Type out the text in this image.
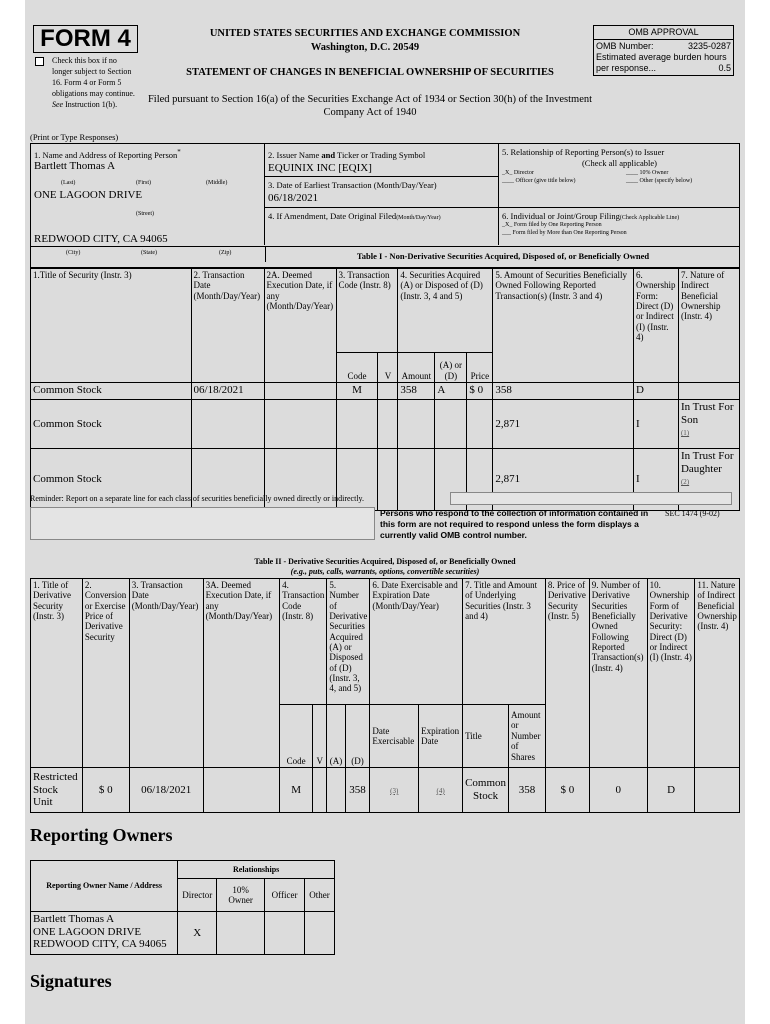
FORM 4
Check this box if no longer subject to Section 16. Form 4 or Form 5 obligations may continue. See Instruction 1(b).
UNITED STATES SECURITIES AND EXCHANGE COMMISSION
Washington, D.C. 20549
STATEMENT OF CHANGES IN BENEFICIAL OWNERSHIP OF SECURITIES
Filed pursuant to Section 16(a) of the Securities Exchange Act of 1934 or Section 30(h) of the Investment Company Act of 1940
OMB APPROVAL
OMB Number:	3235-0287
Estimated average burden hours per response...	0.5
(Print or Type Responses)
1. Name and Address of Reporting Person*
Bartlett Thomas A
(Last)	(First)	(Middle)
ONE LAGOON DRIVE
(Street)
REDWOOD CITY, CA 94065
2. Issuer Name and Ticker or Trading Symbol
EQUINIX INC [EQIX]
3. Date of Earliest Transaction (Month/Day/Year)
06/18/2021
4. If Amendment, Date Original Filed(Month/Day/Year)
5. Relationship of Reporting Person(s) to Issuer
(Check all applicable)
_X_ Director	____ 10% Owner
____ Officer (give title below)	____ Other (specify below)
6. Individual or Joint/Group Filing(Check Applicable Line)
_X_ Form filed by One Reporting Person
___ Form filed by More than One Reporting Person
(City)	(State)	(Zip)	Table I - Non-Derivative Securities Acquired, Disposed of, or Beneficially Owned
1.Title of Security (Instr. 3)	2. Transaction Date (Month/Day/Year)	2A. Deemed Execution Date, if any (Month/Day/Year)	3. Transaction Code (Instr. 8)		4. Securities Acquired (A) or Disposed of (D) (Instr. 3, 4 and 5)			5. Amount of Securities Beneficially Owned Following Reported Transaction(s) (Instr. 3 and 4)	6. Ownership Form: Direct (D) or Indirect (I) (Instr. 4)	7. Nature of Indirect Beneficial Ownership (Instr. 4)
			Code	V	Amount	(A) or (D)	Price			
Common Stock	06/18/2021		M		358	A	$ 0	358	D	
Common Stock								2,871	I	In Trust For Son
(1)
Common Stock								2,871	I	In Trust For Daughter
(2)
Reminder: Report on a separate line for each class of securities beneficially owned directly or indirectly.
Persons who respond to the collection of information contained in this form are not required to respond unless the form displays a currently valid OMB control number.
SEC 1474 (9-02)
Table II - Derivative Securities Acquired, Disposed of, or Beneficially Owned
(e.g., puts, calls, warrants, options, convertible securities)
1. Title of Derivative Security (Instr. 3)	2. Conversion or Exercise Price of Derivative Security	3. Transaction Date (Month/Day/Year)	3A. Deemed Execution Date, if any (Month/Day/Year)	4. Transaction Code (Instr. 8)		5. Number of Derivative Securities Acquired (A) or Disposed of (D) (Instr. 3, 4, and 5)		6. Date Exercisable and Expiration Date (Month/Day/Year)		7. Title and Amount of Underlying Securities (Instr. 3 and 4)		8. Price of Derivative Security (Instr. 5)	9. Number of Derivative Securities Beneficially Owned Following Reported Transaction(s) (Instr. 4)	10. Ownership Form of Derivative Security: Direct (D) or Indirect (I) (Instr. 4)	11. Nature of Indirect Beneficial Ownership (Instr. 4)
				Code	V	(A)	(D)	Date Exercisable	Expiration Date	Title	Amount or Number of Shares				
Restricted Stock Unit	$ 0	06/18/2021		M			358	(3)	(4)	Common Stock	358	$ 0	0	D	
Reporting Owners
Reporting Owner Name / Address	Relationships			
	Director	10% Owner	Officer	Other

Bartlett Thomas A
ONE LAGOON DRIVE
REDWOOD CITY, CA 94065	X			
Signatures
